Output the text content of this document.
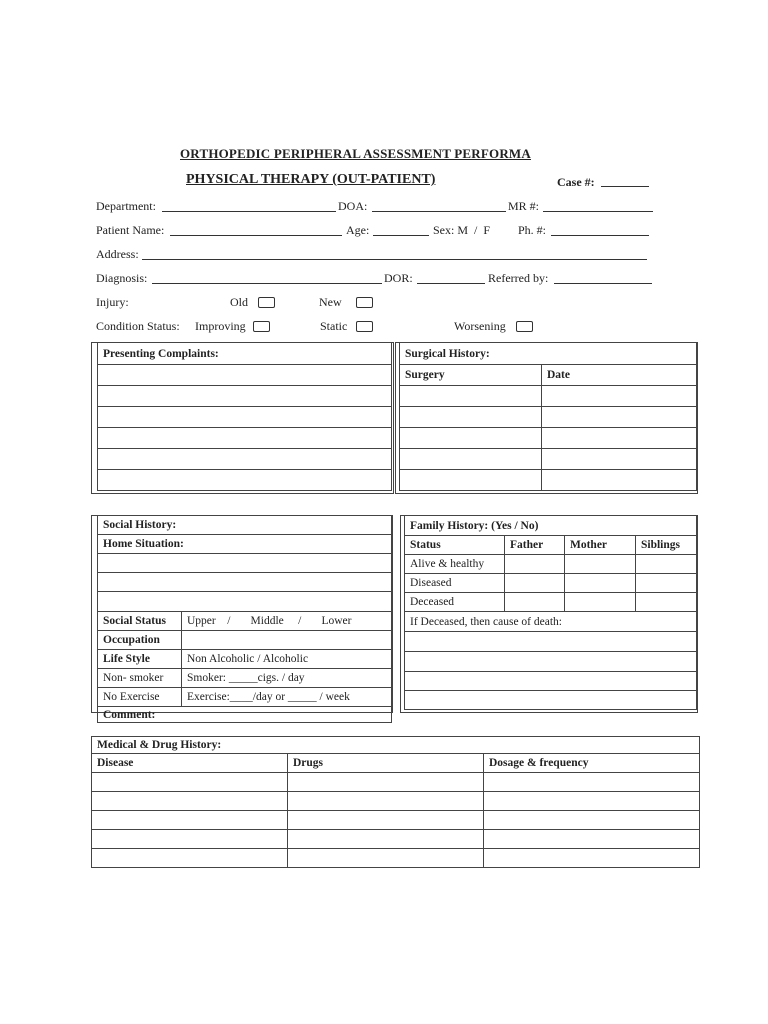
ORTHOPEDIC PERIPHERAL ASSESSMENT PERFORMA
PHYSICAL THERAPY (OUT-PATIENT)	Case #:
Department:	DOA:	MR #:
Patient Name:	Age:	Sex: M  /  F Ph. #:
Address:
Diagnosis:	DOR:	Referred by:
Injury:	Old	New
Condition Status: Improving	Static	Worsening
Presenting Complaints:	Surgical History:	
Surgery	Date

Social History:	
Home Situation:	

Social Status	Upper    /       Middle     /       Lower
Occupation	
Life Style	Non Alcoholic / Alcoholic
Non- smoker	Smoker: _____cigs. / day
No Exercise	Exercise:____/day or _____ / week
Comment:	
Family History: (Yes / No)			
Status	Father	Mother	Siblings
Alive & healthy			
Diseased			
Deceased			
If Deceased, then cause of death:			

Medical & Drug History:		
Disease	Drugs	Dosage & frequency
